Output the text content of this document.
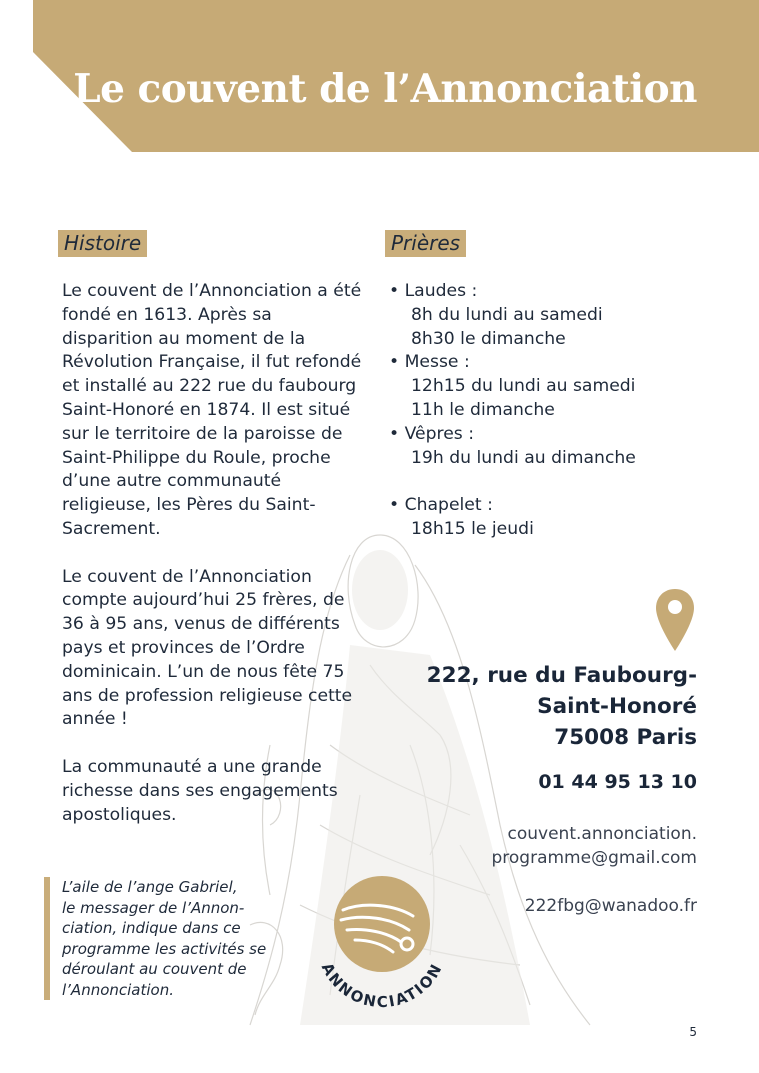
Le couvent de l’Annonciation
Histoire

Le couvent de l’Annonciation a été fondé en 1613. Après sa disparition au moment de la Révolution Française, il fut refondé et installé au 222 rue du faubourg Saint-Honoré en 1874. Il est situé sur le territoire de la paroisse de Saint-Philippe du Roule, proche d’une autre communauté religieuse, les Pères du Saint-Sacrement.

Le couvent de l’Annonciation compte aujourd’hui 25 frères, de 36 à 95 ans, venus de différents pays et provinces de l’Ordre dominicain. L’un de nous fête 75 ans de profession religieuse cette année !

La communauté a une grande richesse dans ses engagements apostoliques.

Prières
• Laudes :
8h du lundi au samedi
8h30 le dimanche
• Messe :
12h15 du lundi au samedi
11h le dimanche
• Vêpres :
19h du lundi au dimanche
• Chapelet :
18h15 le jeudi
222, rue du Faubourg-
Saint-Honoré
75008 Paris
01 44 95 13 10
couvent.annonciation.
programme@gmail.com
222fbg@wanadoo.fr
L’aile de l’ange Gabriel,
le messager de l’Annon-
ciation, indique dans ce
programme les activités se
déroulant au couvent de
l’Annonciation.
ANNONCIATION
5
